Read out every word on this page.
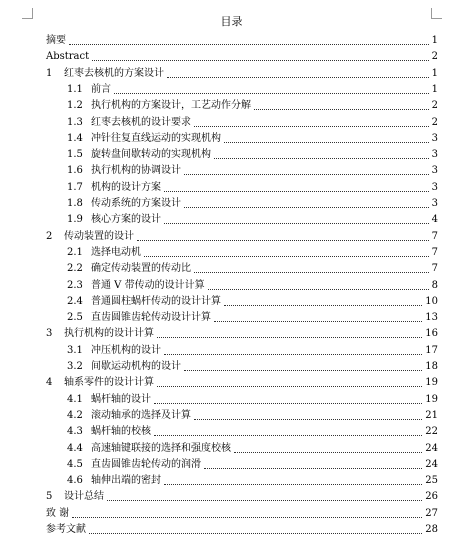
目录
摘要	1
Abstract	2
1	红枣去核机的方案设计	1
1.1 前言	1
1.2 执行机构的方案设计，工艺动作分解	2
1.3 红枣去核机的设计要求	2
1.4 冲针往复直线运动的实现机构	3
1.5 旋转盘间歇转动的实现机构	3
1.6 执行机构的协调设计	3
1.7 机构的设计方案	3
1.8 传动系统的方案设计	3
1.9 核心方案的设计	4
2	传动装置的设计	7
2.1 选择电动机	7
2.2 确定传动装置的传动比	7
2.3 普通 V 带传动的设计计算	8
2.4 普通圆柱蜗杆传动的设计计算	10
2.5 直齿圆锥齿轮传动设计计算	13
3	执行机构的设计计算	16
3.1 冲压机构的设计	17
3.2 间歇运动机构的设计	18
4	轴系零件的设计计算	19
4.1 蜗杆轴的设计	19
4.2 滚动轴承的选择及计算	21
4.3 蜗杆轴的校核	22
4.4 高速轴键联接的选择和强度校核	24
4.5 直齿圆锥齿轮传动的润滑	24
4.6 轴伸出端的密封	25
5	设计总结	26
致 谢	27
参考文献	28
